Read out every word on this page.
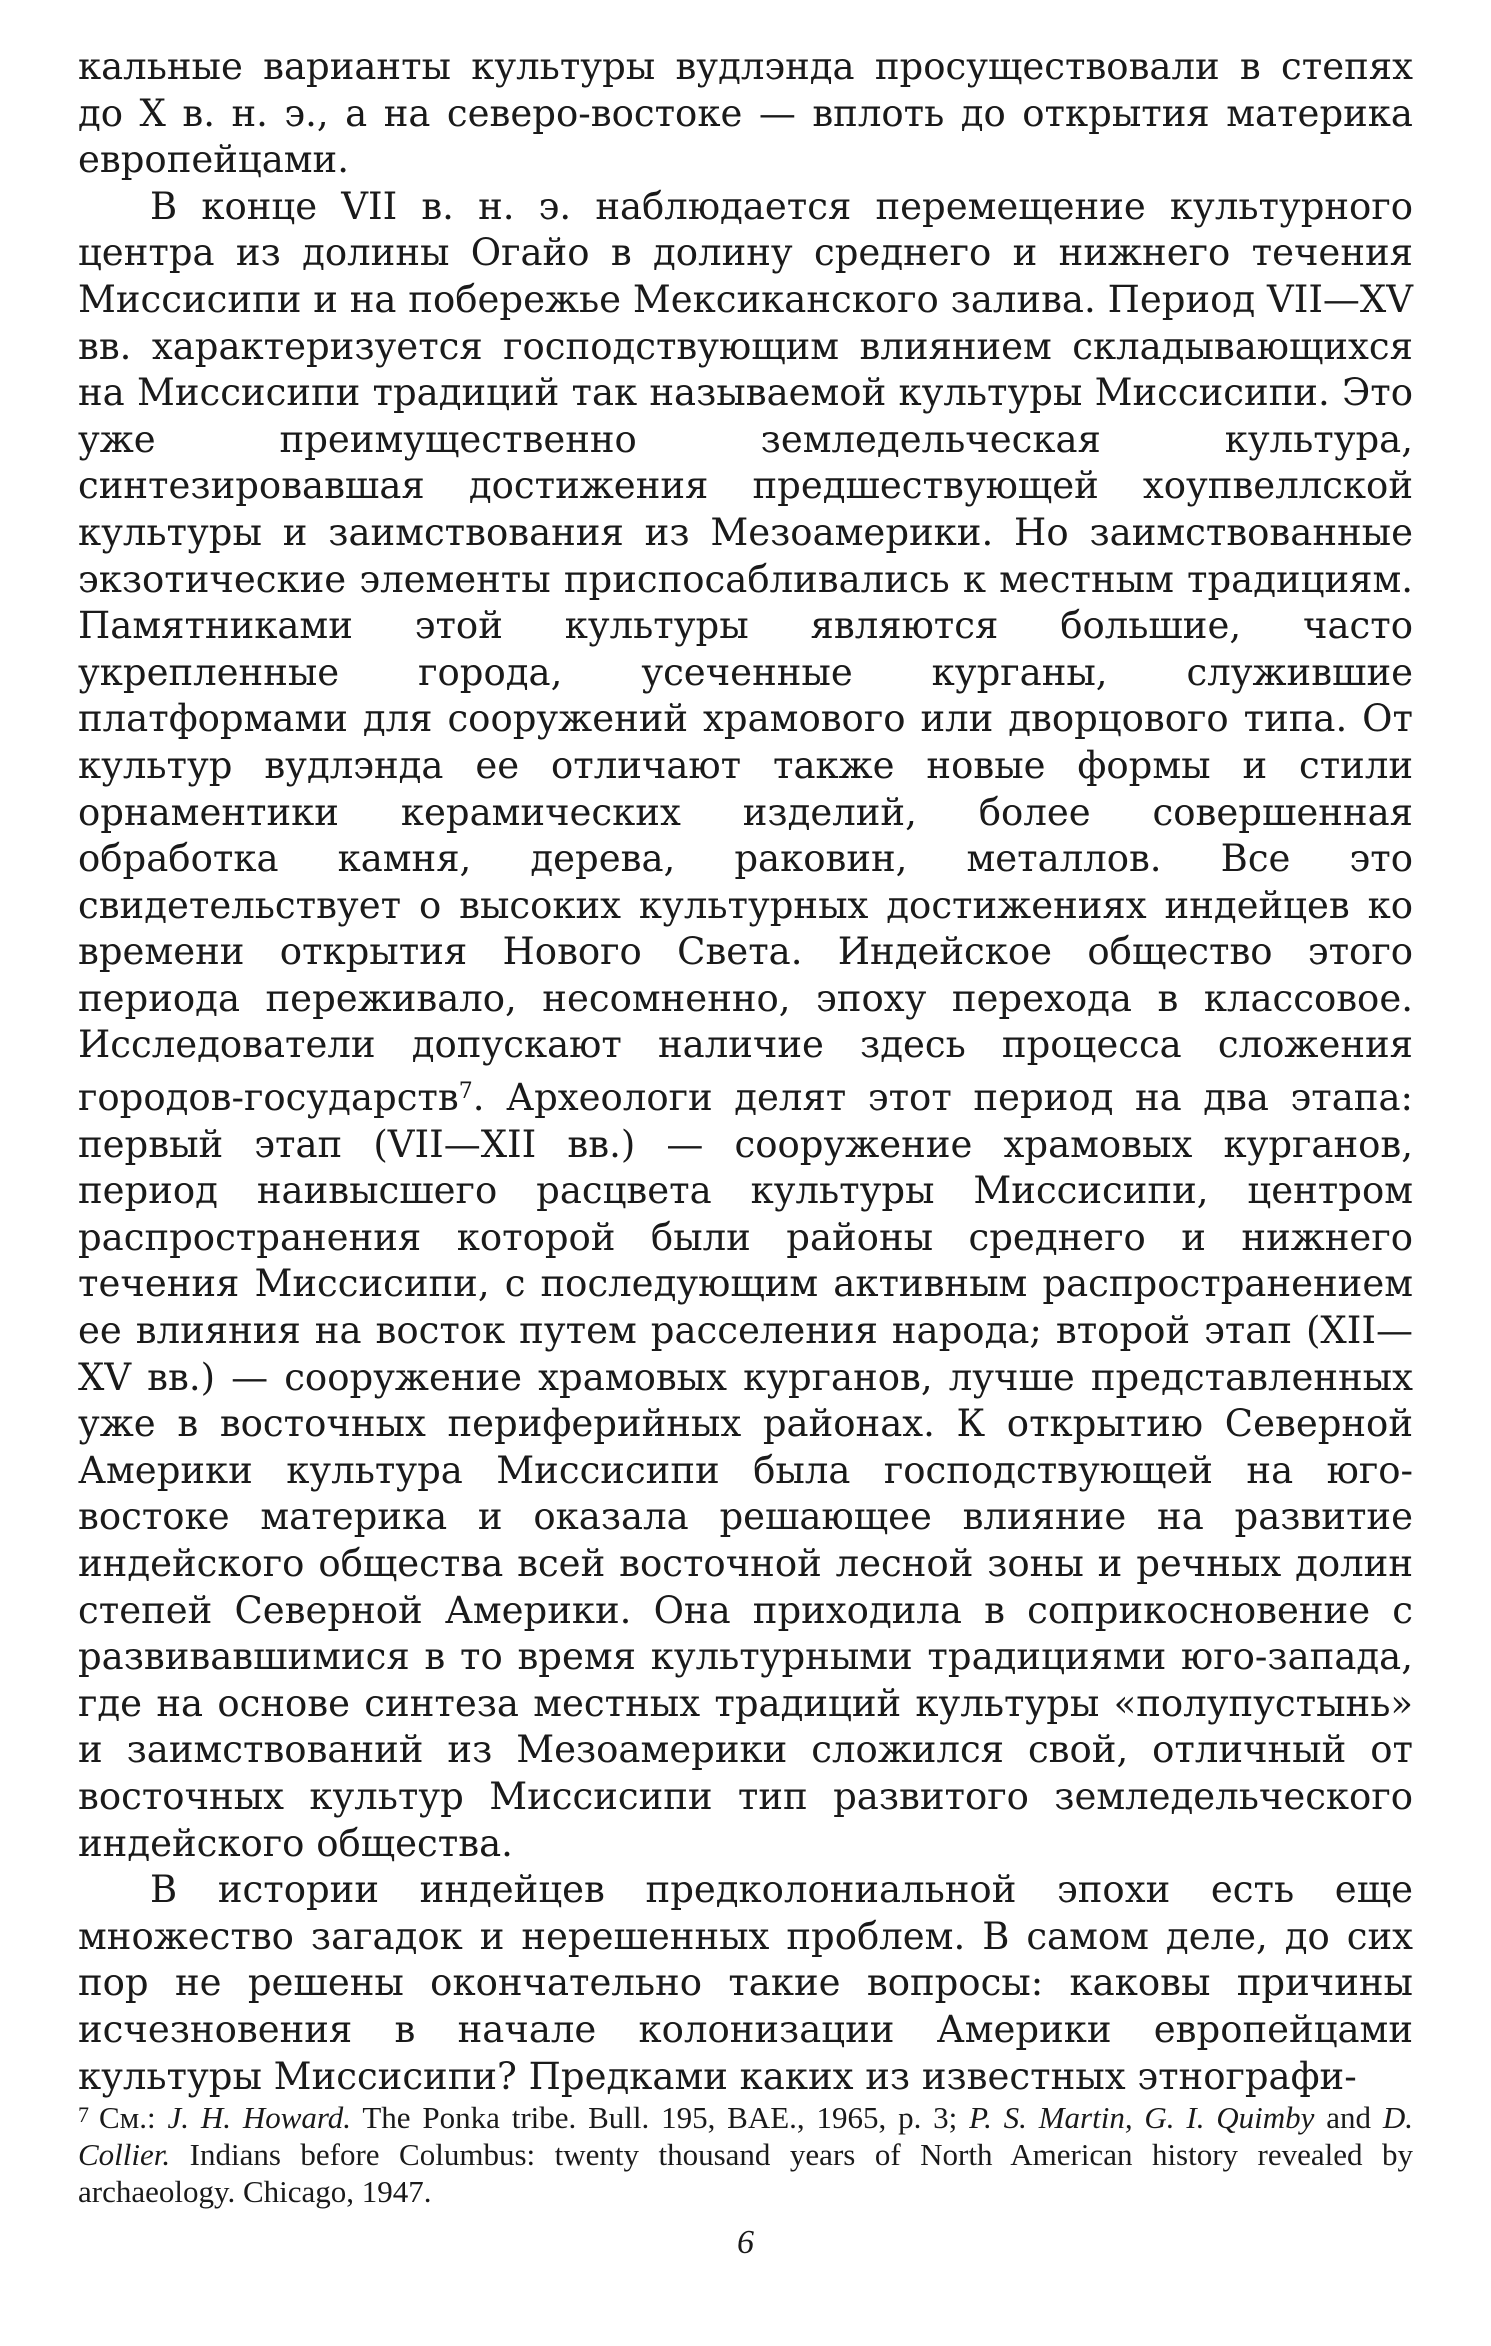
кальные варианты культуры вудлэнда просуществовали в степях до X в. н. э., а на северо-востоке — вплоть до открытия материка европейцами.

В конце VII в. н. э. наблюдается перемещение культурного центра из долины Огайо в долину среднего и нижнего течения Миссисипи и на побережье Мексиканского залива. Период VII—XV вв. характеризуется господствующим влиянием складывающихся на Миссисипи традиций так называемой культуры Миссисипи. Это уже преимущественно земледельческая культура, синтезировавшая достижения предшествующей хоупвеллской культуры и заимствования из Мезоамерики. Но заимствованные экзотические элементы приспосабливались к местным традициям. Памятниками этой культуры являются большие, часто укрепленные города, усеченные курганы, служившие платформами для сооружений храмового или дворцового типа. От культур вудлэнда ее отличают также новые формы и стили орнаментики керамических изделий, более совершенная обработка камня, дерева, раковин, металлов. Все это свидетельствует о высоких культурных достижениях индейцев ко времени открытия Нового Света. Индейское общество этого периода переживало, несомненно, эпоху перехода в классовое. Исследователи допускают наличие здесь процесса сложения городов-государств$^7$. Археологи делят этот период на два этапа: первый этап (VII—XII вв.) — сооружение храмовых курганов, период наивысшего расцвета культуры Миссисипи, центром распространения которой были районы среднего и нижнего течения Миссисипи, с последующим активным распространением ее влияния на восток путем расселения народа; второй этап (XII—XV вв.) — сооружение храмовых курганов, лучше представленных уже в восточных периферийных районах. К открытию Северной Америки культура Миссисипи была господствующей на юго-востоке материка и оказала решающее влияние на развитие индейского общества всей восточной лесной зоны и речных долин степей Северной Америки. Она приходила в соприкосновение с развивавшимися в то время культурными традициями юго-запада, где на основе синтеза местных традиций культуры «полупустынь» и заимствований из Мезоамерики сложился свой, отличный от восточных культур Миссисипи тип развитого земледельческого индейского общества.

В истории индейцев предколониальной эпохи есть еще множество загадок и нерешенных проблем. В самом деле, до сих пор не решены окончательно такие вопросы: каковы причины исчезновения в начале колонизации Америки европейцами культуры Миссисипи? Предками каких из известных этнографи-

7 См.: J. H. Howard. The Ponka tribe. Bull. 195, BAE., 1965, p. 3; P. S. Martin, G. I. Quimby and D. Collier. Indians before Columbus: twenty thousand years of North American history revealed by archaeology. Chicago, 1947.
6
